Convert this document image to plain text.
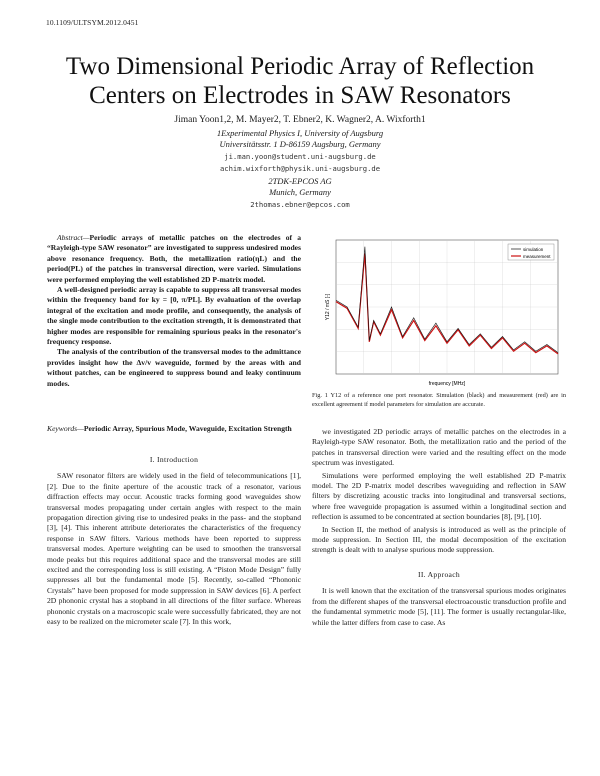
10.1109/ULTSYM.2012.0451
Two Dimensional Periodic Array of Reflection Centers on Electrodes in SAW Resonators
Jiman Yoon1,2, M. Mayer2, T. Ebner2, K. Wagner2, A. Wixforth1
1Experimental Physics I, University of Augsburg
Universitätsstr. 1 D-86159 Augsburg, Germany
ji.man.yoon@student.uni-augsburg.de
achim.wixforth@physik.uni-augsburg.de
2TDK-EPCOS AG
Munich, Germany
2thomas.ebner@epcos.com

Abstract—Periodic arrays of metallic patches on the electrodes of a “Rayleigh-type SAW resonator” are investigated to suppress undesired modes above resonance frequency. Both, the metallization ratio(ηL) and the period(PL) of the patches in transversal direction, were varied. Simulations were performed employing the well established 2D P-matrix model.

A well-designed periodic array is capable to suppress all transversal modes within the frequency band for ky = [0, π/PL]. By evaluation of the overlap integral of the excitation and mode profile, and consequently, the analysis of the single mode contribution to the excitation strength, it is demonstrated that higher modes are responsible for remaining spurious peaks in the resonator's frequency response.

The analysis of the contribution of the transversal modes to the admittance provides insight how the Δv/v waveguide, formed by the areas with and without patches, can be engineered to suppress bound and leaky continuum modes.

Keywords—Periodic Array, Spurious Mode, Waveguide, Excitation Strength

I. Introduction

SAW resonator filters are widely used in the field of telecommunications [1], [2]. Due to the finite aperture of the acoustic track of a resonator, various diffraction effects may occur. Acoustic tracks forming good waveguides show transversal modes propagating under certain angles with respect to the main propagation direction giving rise to undesired peaks in the pass- and the stopband [3], [4]. This inherent attribute deteriorates the characteristics of the frequency response in SAW filters. Various methods have been reported to suppress transversal modes. Aperture weighting can be used to smoothen the transversal mode peaks but this requires additional space and the transversal modes are still excited and the corresponding loss is still existing. A “Piston Mode Design” fully suppresses all but the fundamental mode [5]. Recently, so-called “Phononic Crystals” have been proposed for mode suppression in SAW devices [6]. A perfect 2D phononic crystal has a stopband in all directions of the filter surface. Whereas phononic crystals on a macroscopic scale were successfully fabricated, they are not easy to be realized on the micrometer scale [7]. In this work,

simulation
measurement
frequency [MHz]
Y12 / mS [-]
Fig. 1 Y12 of a reference one port resonator. Simulation (black) and measurement (red) are in excellent agreement if model parameters for simulation are accurate.

we investigated 2D periodic arrays of metallic patches on the electrodes in a Rayleigh-type SAW resonator. Both, the metallization ratio and the period of the patches in transversal direction were varied and the resulting effect on the mode spectrum was investigated.

Simulations were performed employing the well established 2D P-matrix model. The 2D P-matrix model describes waveguiding and reflection in SAW filters by discretizing acoustic tracks into longitudinal and transversal sections, where free waveguide propagation is assumed within a longitudinal section and reflection is assumed to be concentrated at section boundaries [8], [9], [10].

In Section II, the method of analysis is introduced as well as the principle of mode suppression. In Section III, the modal decomposition of the excitation strength is dealt with to analyse spurious mode suppression.

II. Approach

It is well known that the excitation of the transversal spurious modes originates from the different shapes of the transversal electroacoustic transduction profile and the fundamental symmetric mode [5], [11]. The former is usually rectangular-like, while the latter differs from case to case. As
